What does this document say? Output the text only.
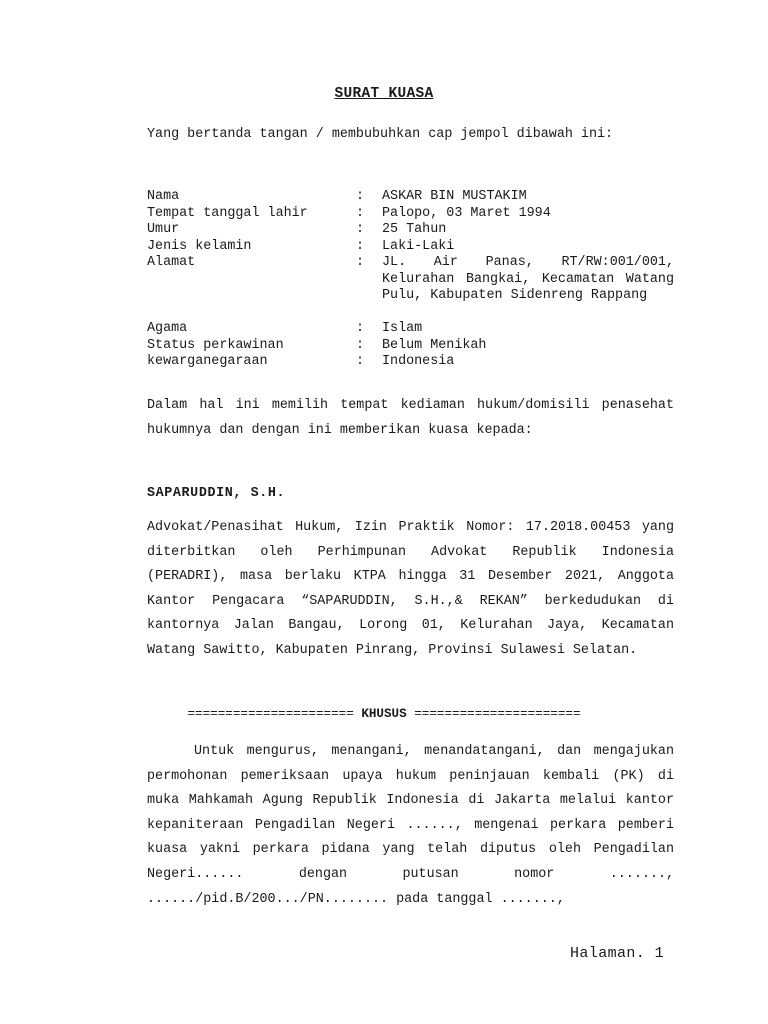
SURAT KUASA
Yang bertanda tangan / membubuhkan cap jempol dibawah ini:
Nama	: ASKAR BIN MUSTAKIM
Tempat tanggal lahir	: Palopo, 03 Maret 1994
Umur	: 25 Tahun
Jenis kelamin	: Laki-Laki
Alamat	: JL. Air Panas, RT/RW:001/001, Kelurahan Bangkai, Kecamatan Watang Pulu, Kabupaten Sidenreng Rappang
Agama	: Islam
Status perkawinan	: Belum Menikah
kewarganegaraan	: Indonesia
Dalam hal ini memilih tempat kediaman hukum/domisili penasehat hukumnya dan dengan ini memberikan kuasa kepada:
SAPARUDDIN, S.H.
Advokat/Penasihat Hukum, Izin Praktik Nomor: 17.2018.00453 yang diterbitkan oleh Perhimpunan Advokat Republik Indonesia (PERADRI), masa berlaku KTPA hingga 31 Desember 2021, Anggota Kantor Pengacara “SAPARUDDIN, S.H.,& REKAN” berkedudukan di kantornya Jalan Bangau, Lorong 01, Kelurahan Jaya, Kecamatan Watang Sawitto, Kabupaten Pinrang, Provinsi Sulawesi Selatan.
====================== KHUSUS ======================
Untuk mengurus, menangani, menandatangani, dan mengajukan permohonan pemeriksaan upaya hukum peninjauan kembali (PK) di muka Mahkamah Agung Republik Indonesia di Jakarta melalui kantor kepaniteraan Pengadilan Negeri ......, mengenai perkara pemberi kuasa yakni perkara pidana yang telah diputus oleh Pengadilan Negeri...... dengan putusan nomor ......., ....../pid.B/200.../PN........ pada tanggal .......,
Halaman. 1
